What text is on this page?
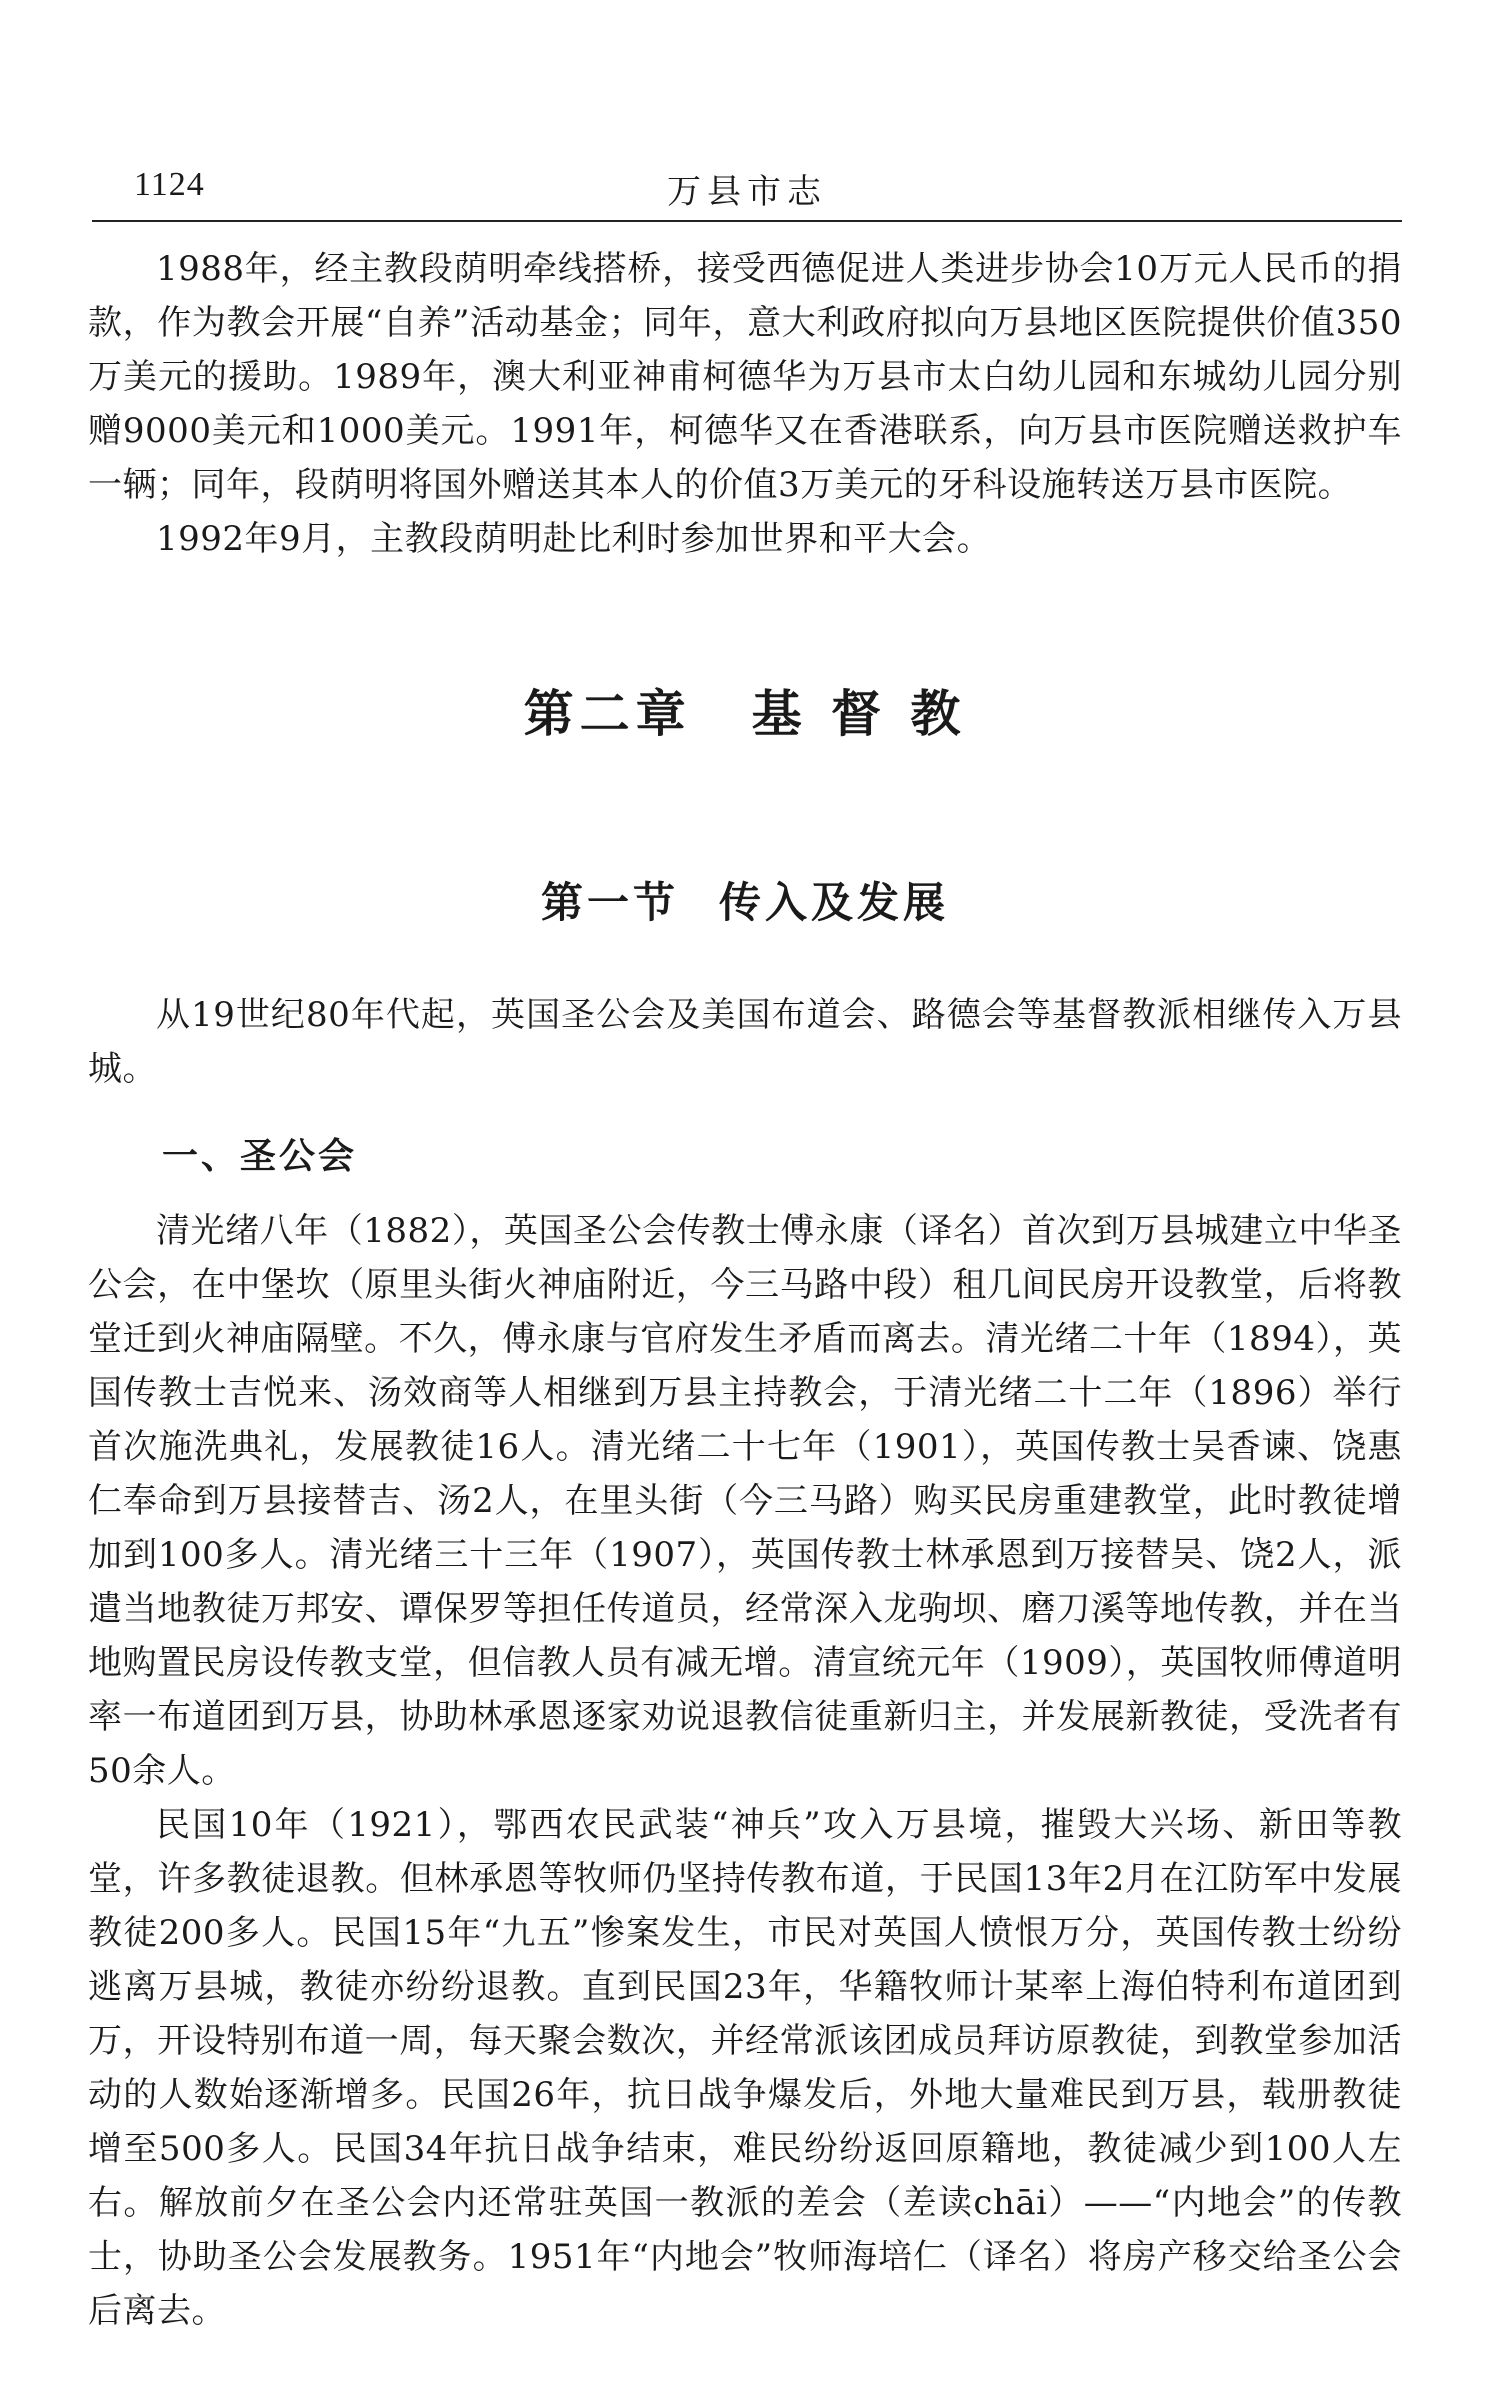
1124	万县市志

1988年，经主教段荫明牵线搭桥，接受西德促进人类进步协会10万元人民币的捐款，作为教会开展“自养”活动基金；同年，意大利政府拟向万县地区医院提供价值350万美元的援助。1989年，澳大利亚神甫柯德华为万县市太白幼儿园和东城幼儿园分别赠9000美元和1000美元。1991年，柯德华又在香港联系，向万县市医院赠送救护车一辆；同年，段荫明将国外赠送其本人的价值3万美元的牙科设施转送万县市医院。

1992年9月，主教段荫明赴比利时参加世界和平大会。

第二章 基 督 教
第一节 传入及发展

从19世纪80年代起，英国圣公会及美国布道会、路德会等基督教派相继传入万县城。

一、圣公会

清光绪八年（1882），英国圣公会传教士傅永康（译名）首次到万县城建立中华圣公会，在中堡坎（原里头街火神庙附近，今三马路中段）租几间民房开设教堂，后将教堂迁到火神庙隔壁。不久，傅永康与官府发生矛盾而离去。清光绪二十年（1894），英国传教士吉悦来、汤效商等人相继到万县主持教会，于清光绪二十二年（1896）举行首次施洗典礼，发展教徒16人。清光绪二十七年（1901），英国传教士吴香谏、饶惠仁奉命到万县接替吉、汤2人，在里头街（今三马路）购买民房重建教堂，此时教徒增加到100多人。清光绪三十三年（1907），英国传教士林承恩到万接替吴、饶2人，派遣当地教徒万邦安、谭保罗等担任传道员，经常深入龙驹坝、磨刀溪等地传教，并在当地购置民房设传教支堂，但信教人员有减无增。清宣统元年（1909），英国牧师傅道明率一布道团到万县，协助林承恩逐家劝说退教信徒重新归主，并发展新教徒，受洗者有50余人。

民国10年（1921），鄂西农民武装“神兵”攻入万县境，摧毁大兴场、新田等教堂，许多教徒退教。但林承恩等牧师仍坚持传教布道，于民国13年2月在江防军中发展教徒200多人。民国15年“九五”惨案发生，市民对英国人愤恨万分，英国传教士纷纷逃离万县城，教徒亦纷纷退教。直到民国23年，华籍牧师计某率上海伯特利布道团到万，开设特别布道一周，每天聚会数次，并经常派该团成员拜访原教徒，到教堂参加活动的人数始逐渐增多。民国26年，抗日战争爆发后，外地大量难民到万县，载册教徒增至500多人。民国34年抗日战争结束，难民纷纷返回原籍地，教徒减少到100人左右。解放前夕在圣公会内还常驻英国一教派的差会（差读chāi）——“内地会”的传教士，协助圣公会发展教务。1951年“内地会”牧师海培仁（译名）将房产移交给圣公会后离去。
